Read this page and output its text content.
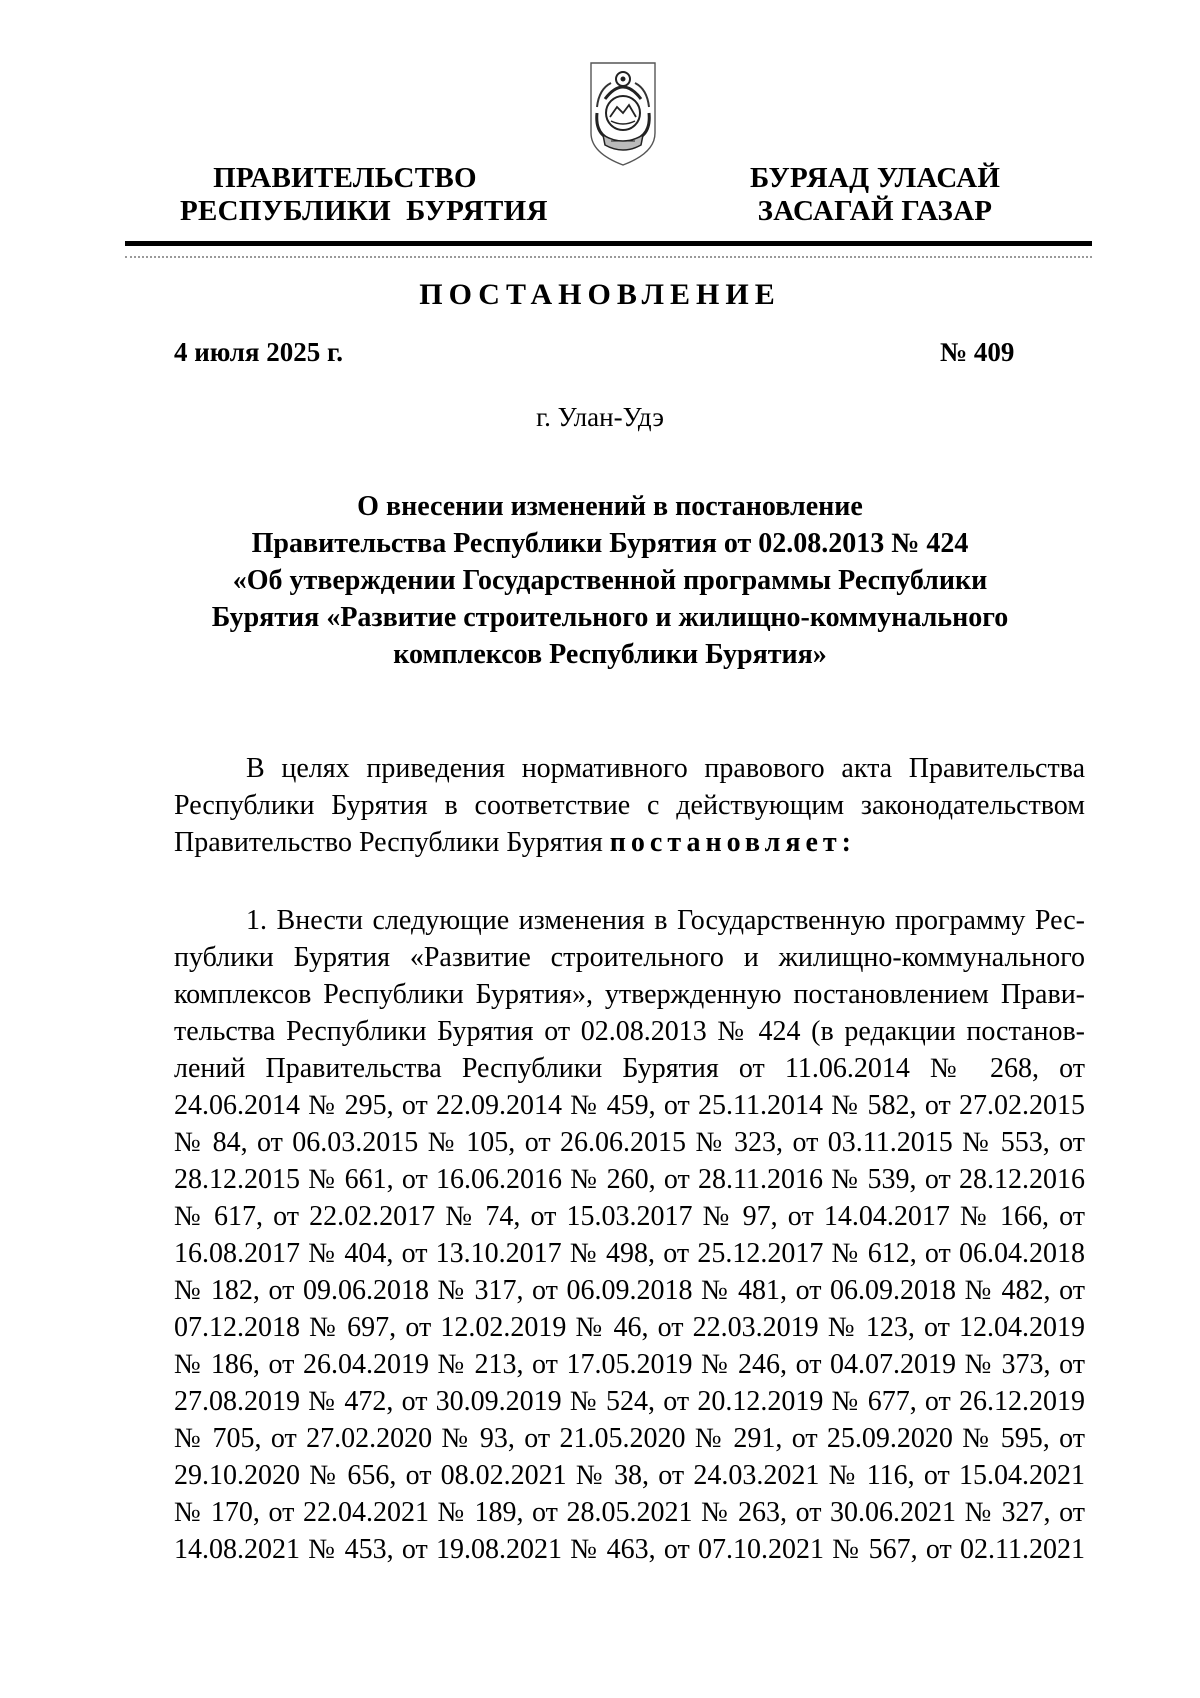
ПРАВИТЕЛЬСТВО
РЕСПУБЛИКИ  БУРЯТИЯ
БУРЯАД УЛАСАЙ
ЗАСАГАЙ ГАЗАР
ПОСТАНОВЛЕНИЕ
4 июля 2025 г.	№ 409
г. Улан-Удэ
О внесении изменений в постановление
Правительства Республики Бурятия от 02.08.2013 № 424
«Об утверждении Государственной программы Республики
Бурятия «Развитие строительного и жилищно-коммунального
комплексов Республики Бурятия»
В целях приведения нормативного правового акта Правительства
Республики Бурятия в соответствие с действующим законодательством
Правительство Республики Бурятия постановляет:
1. Внести следующие изменения в Государственную программу Рес-
публики Бурятия «Развитие строительного и жилищно-коммунального
комплексов Республики Бурятия», утвержденную постановлением Прави-
тельства Республики Бурятия от 02.08.2013 № 424 (в редакции постанов-
лений Правительства Республики Бурятия от 11.06.2014 № 268, от
24.06.2014 № 295, от 22.09.2014 № 459, от 25.11.2014 № 582, от 27.02.2015
№ 84, от 06.03.2015 № 105, от 26.06.2015 № 323, от 03.11.2015 № 553, от
28.12.2015 № 661, от 16.06.2016 № 260, от 28.11.2016 № 539, от 28.12.2016
№ 617, от 22.02.2017 № 74, от 15.03.2017 № 97, от 14.04.2017 № 166, от
16.08.2017 № 404, от 13.10.2017 № 498, от 25.12.2017 № 612, от 06.04.2018
№ 182, от 09.06.2018 № 317, от 06.09.2018 № 481, от 06.09.2018 № 482, от
07.12.2018 № 697, от 12.02.2019 № 46, от 22.03.2019 № 123, от 12.04.2019
№ 186, от 26.04.2019 № 213, от 17.05.2019 № 246, от 04.07.2019 № 373, от
27.08.2019 № 472, от 30.09.2019 № 524, от 20.12.2019 № 677, от 26.12.2019
№ 705, от 27.02.2020 № 93, от 21.05.2020 № 291, от 25.09.2020 № 595, от
29.10.2020 № 656, от 08.02.2021 № 38, от 24.03.2021 № 116, от 15.04.2021
№ 170, от 22.04.2021 № 189, от 28.05.2021 № 263, от 30.06.2021 № 327, от
14.08.2021 № 453, от 19.08.2021 № 463, от 07.10.2021 № 567, от 02.11.2021
